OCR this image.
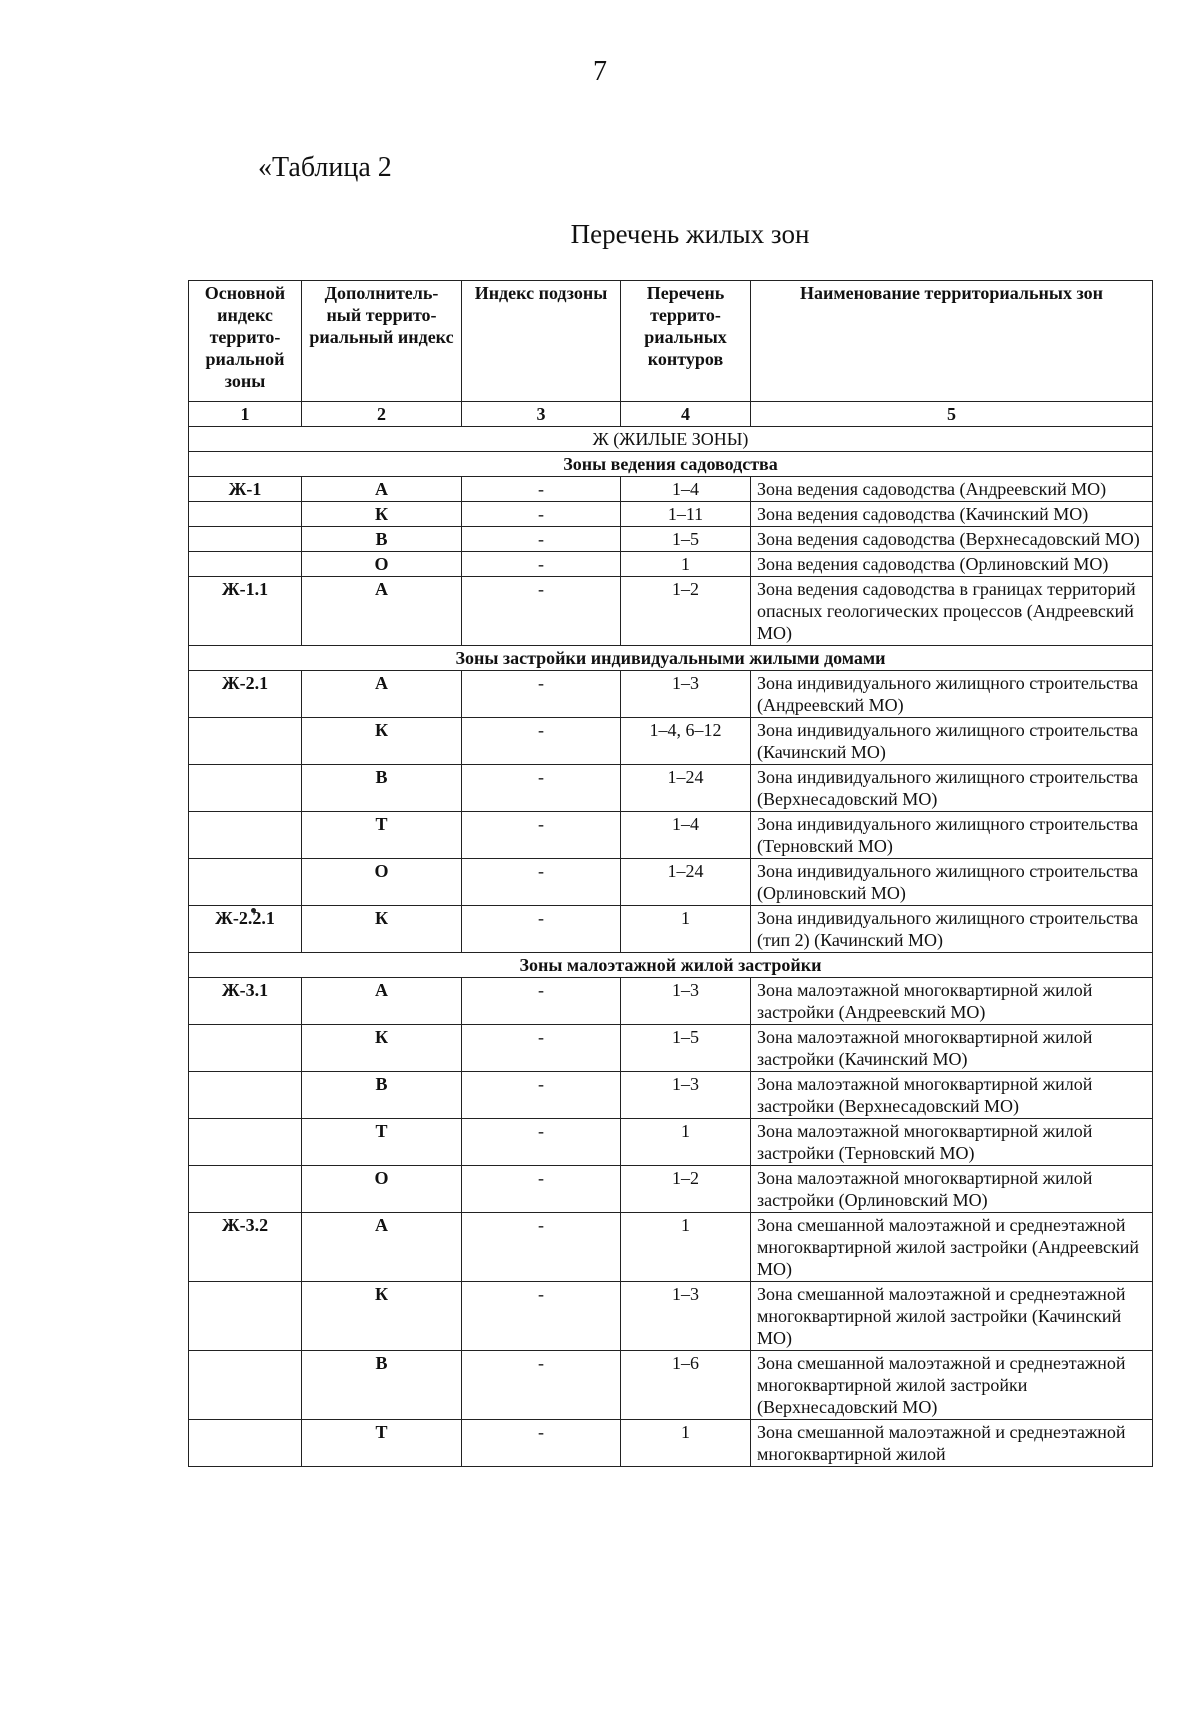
7
«Таблица 2
Перечень жилых зон
Основной индекс террито-риальной зоны	Дополнитель-ный террито-риальный индекс	Индекс подзоны	Перечень террито-риальных контуров	Наименование территориальных зон
1	2	3	4	5
Ж (ЖИЛЫЕ ЗОНЫ)				
Зоны ведения садоводства				
Ж-1	А	-	1–4	Зона ведения садоводства (Андреевский МО)
	К	-	1–11	Зона ведения садоводства (Качинский МО)
	В	-	1–5	Зона ведения садоводства (Верхнесадовский МО)
	О	-	1	Зона ведения садоводства (Орлиновский МО)
Ж-1.1	А	-	1–2	Зона ведения садоводства в границах территорий опасных геологических процессов (Андреевский МО)
Зоны застройки индивидуальными жилыми домами				
Ж-2.1	А	-	1–3	Зона индивидуального жилищного строительства (Андреевский МО)
	К	-	1–4, 6–12	Зона индивидуального жилищного строительства (Качинский МО)
	В	-	1–24	Зона индивидуального жилищного строительства (Верхнесадовский МО)
	Т	-	1–4	Зона индивидуального жилищного строительства (Терновский МО)
	О	-	1–24	Зона индивидуального жилищного строительства (Орлиновский МО)
Ж-2.2.1	К	-	1	Зона индивидуального жилищного строительства (тип 2) (Качинский МО)
Зоны малоэтажной жилой застройки				
Ж-3.1	А	-	1–3	Зона малоэтажной многоквартирной жилой застройки (Андреевский МО)
	К	-	1–5	Зона малоэтажной многоквартирной жилой застройки (Качинский МО)
	В	-	1–3	Зона малоэтажной многоквартирной жилой застройки (Верхнесадовский МО)
	Т	-	1	Зона малоэтажной многоквартирной жилой застройки (Терновский МО)
	О	-	1–2	Зона малоэтажной многоквартирной жилой застройки (Орлиновский МО)
Ж-3.2	А	-	1	Зона смешанной малоэтажной и среднеэтажной многоквартирной жилой застройки (Андреевский МО)
	К	-	1–3	Зона смешанной малоэтажной и среднеэтажной многоквартирной жилой застройки (Качинский МО)
	В	-	1–6	Зона смешанной малоэтажной и среднеэтажной многоквартирной жилой застройки (Верхнесадовский МО)
	Т	-	1	Зона смешанной малоэтажной и среднеэтажной многоквартирной жилой
